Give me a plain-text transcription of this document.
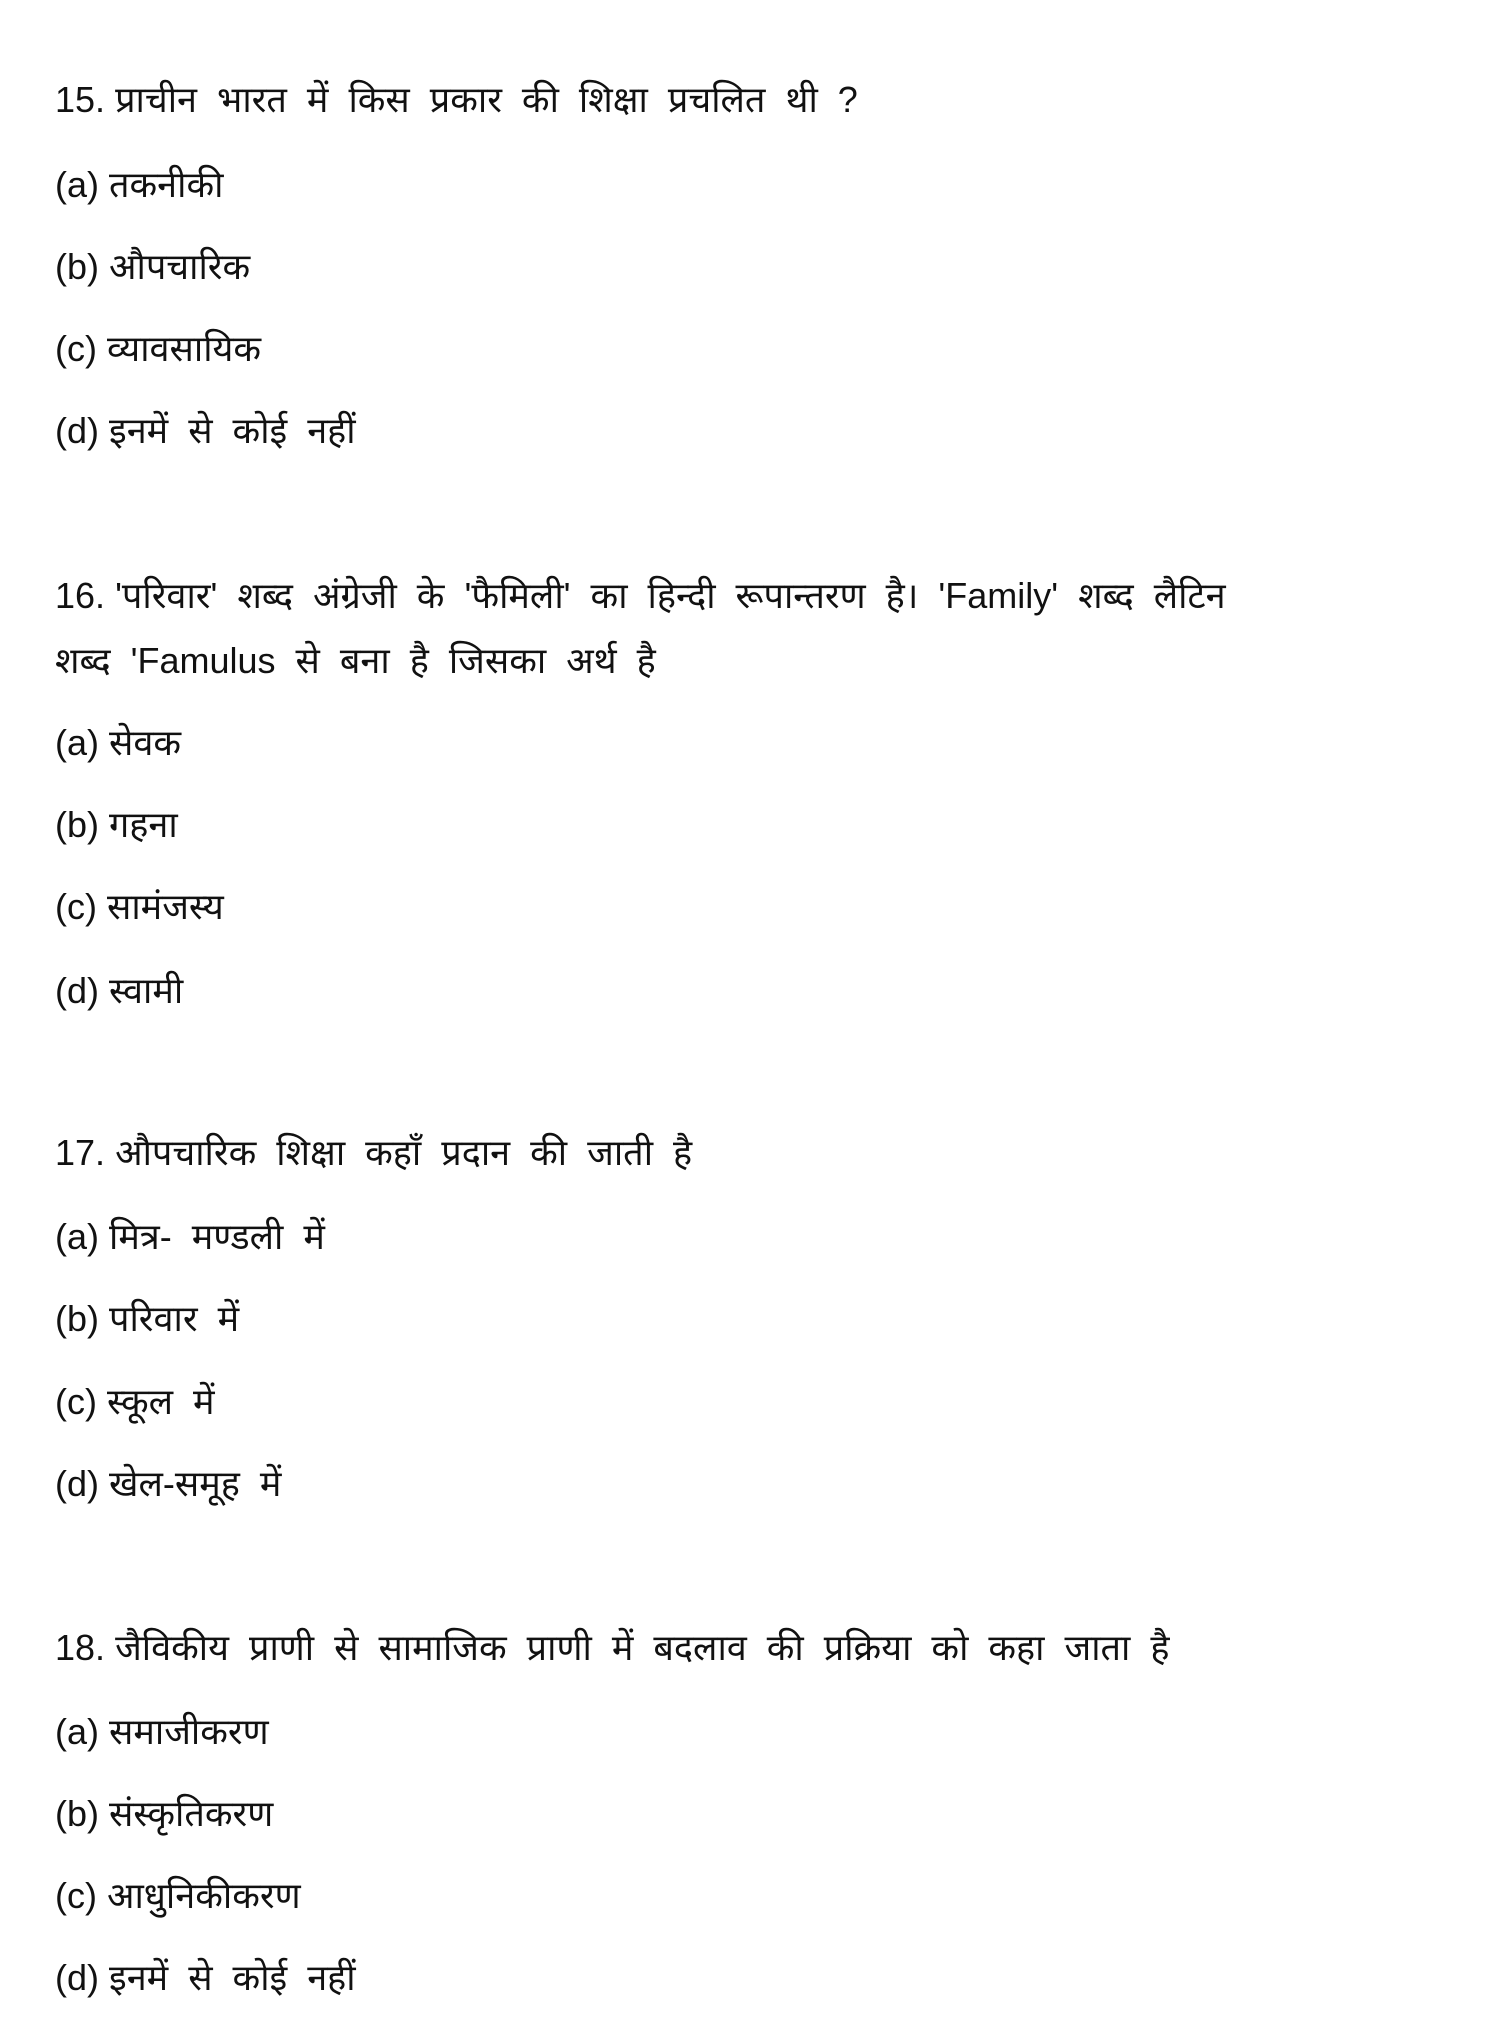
15. प्राचीन भारत में किस प्रकार की शिक्षा प्रचलित थी ?
(a) तकनीकी
(b) औपचारिक
(c) व्यावसायिक
(d) इनमें से कोई नहीं
16. 'परिवार' शब्द अंग्रेजी के 'फैमिली' का हिन्दी रूपान्तरण है। 'Family' शब्द लैटिन
शब्द 'Famulus से बना है जिसका अर्थ है
(a) सेवक
(b) गहना
(c) सामंजस्य
(d) स्वामी
17. औपचारिक शिक्षा कहाँ प्रदान की जाती है
(a) मित्र- मण्डली में
(b) परिवार में
(c) स्कूल में
(d) खेल-समूह में
18. जैविकीय प्राणी से सामाजिक प्राणी में बदलाव की प्रक्रिया को कहा जाता है
(a) समाजीकरण
(b) संस्कृतिकरण
(c) आधुनिकीकरण
(d) इनमें से कोई नहीं
